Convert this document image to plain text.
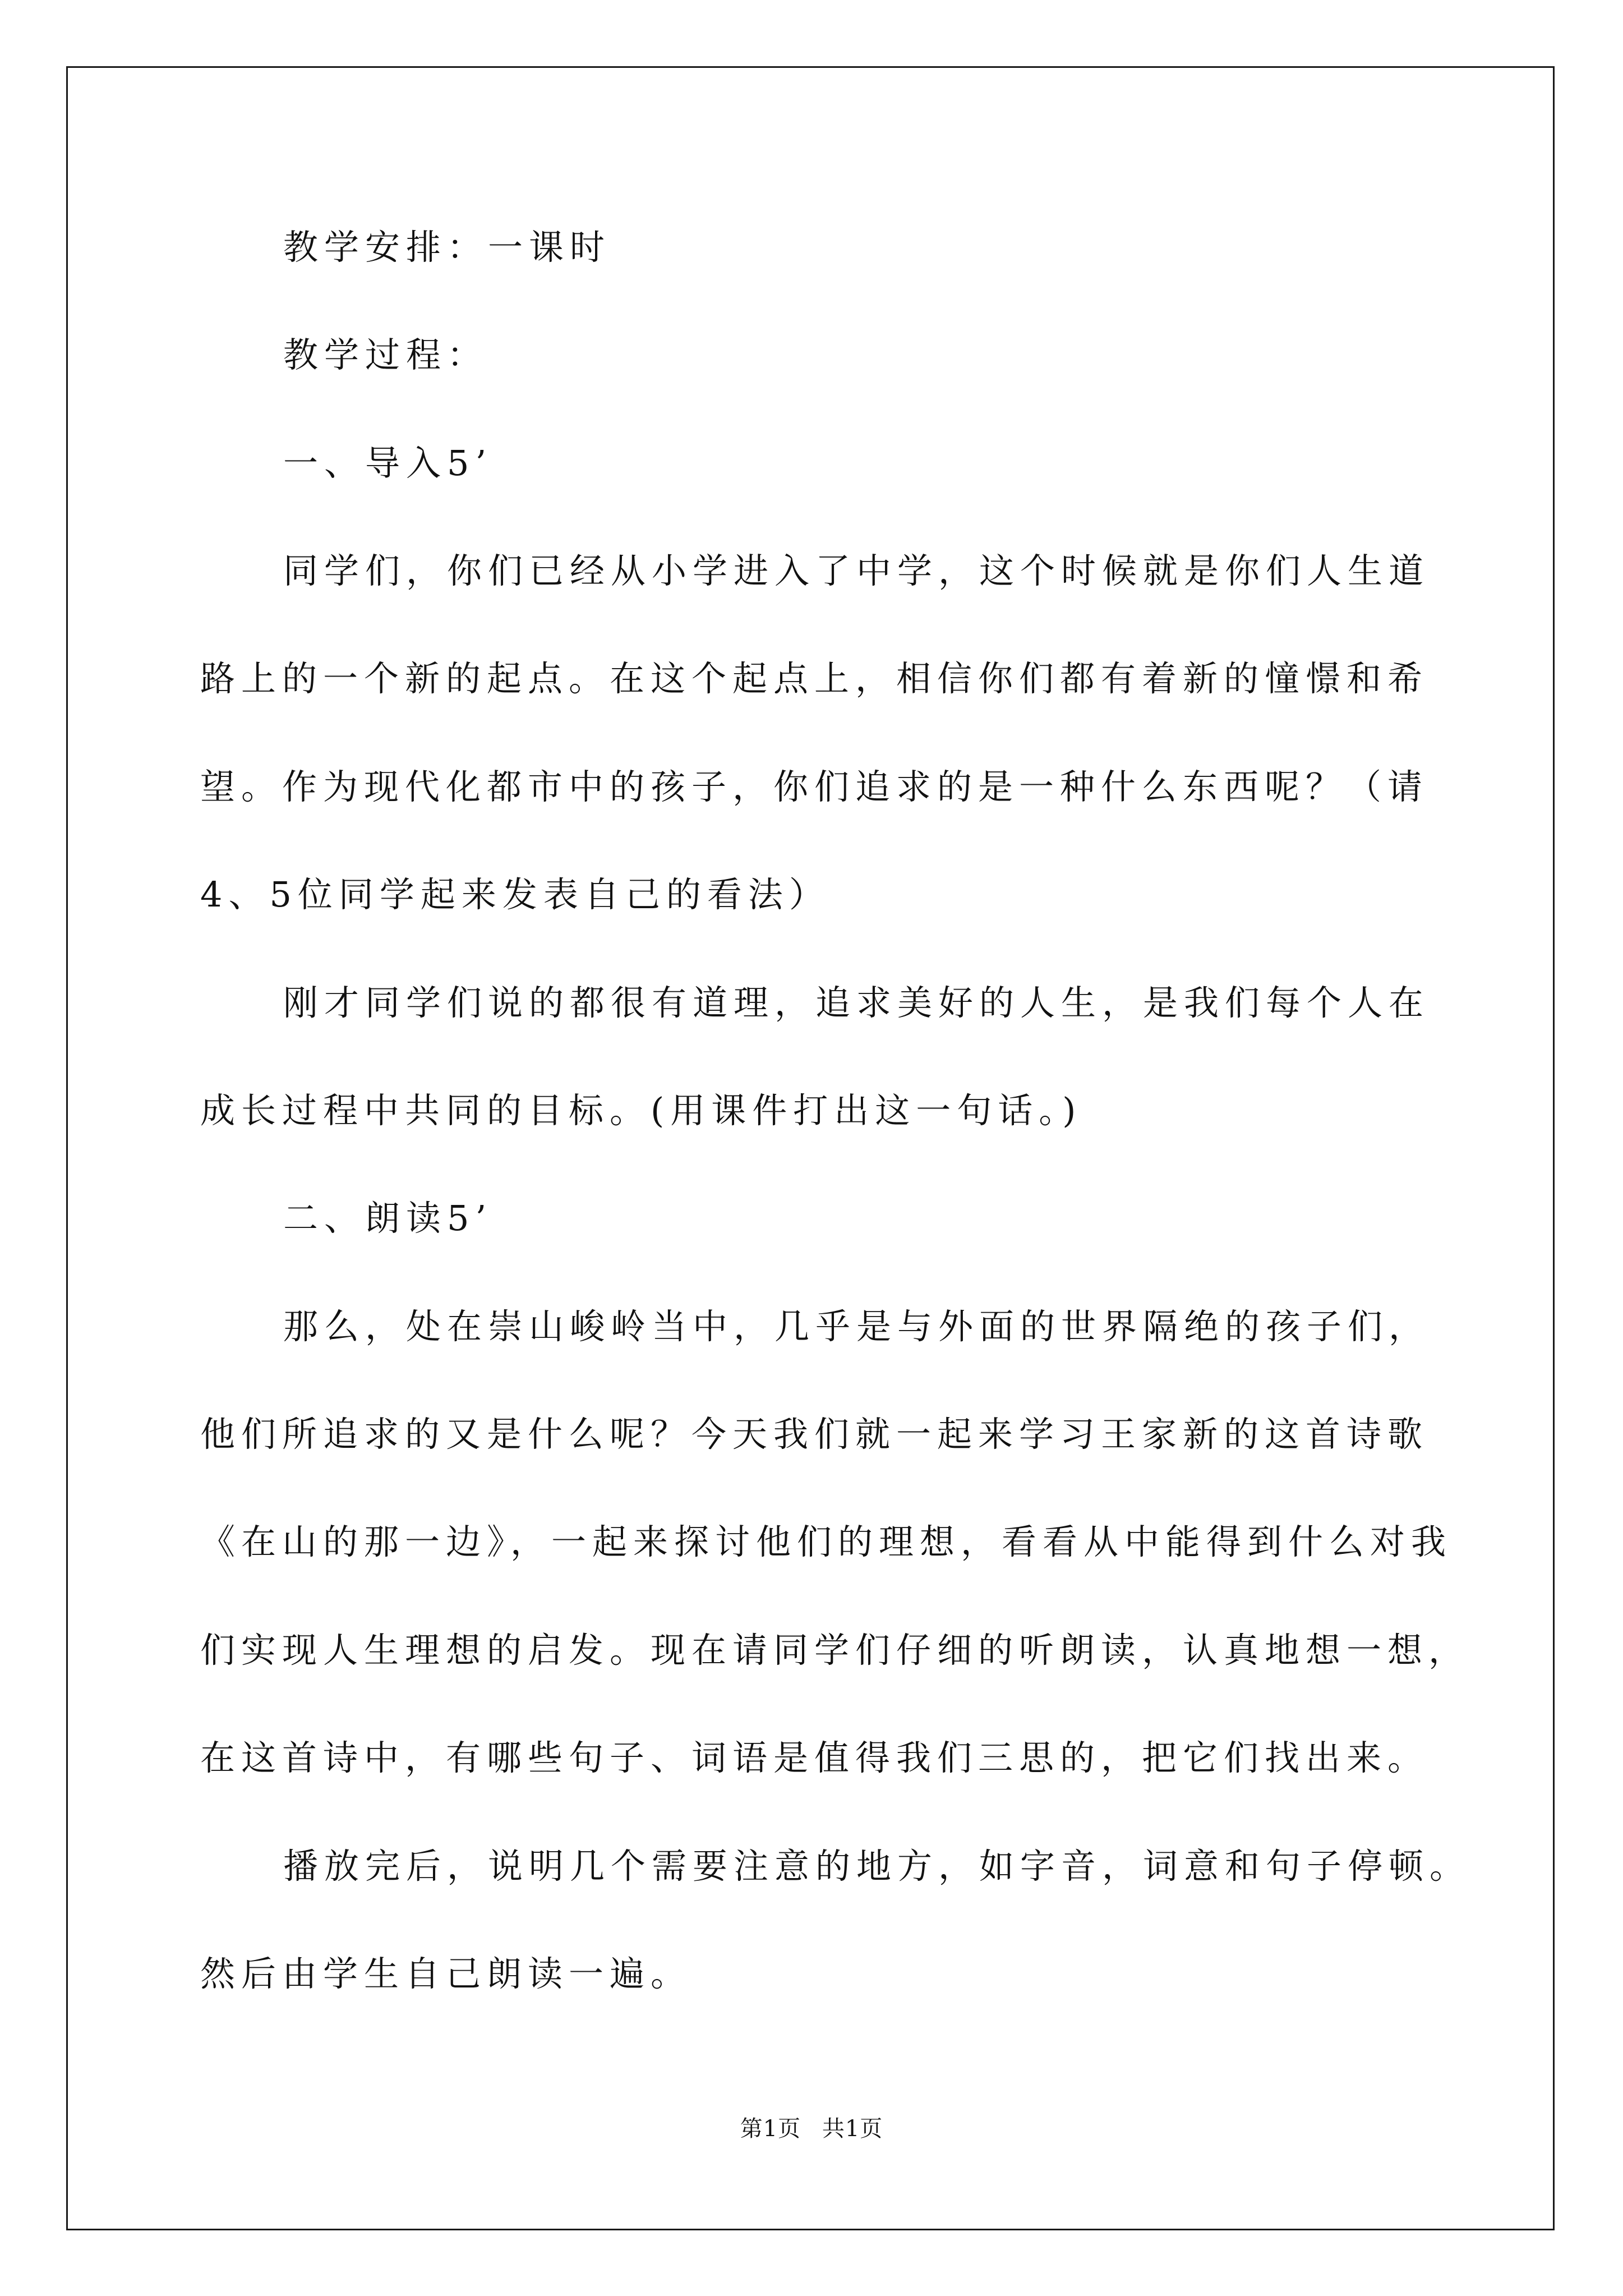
教学安排：一课时
教学过程：
一、导入5’
同学们，你们已经从小学进入了中学，这个时候就是你们人生道
路上的一个新的起点。在这个起点上，相信你们都有着新的憧憬和希
望。作为现代化都市中的孩子，你们追求的是一种什么东西呢？（请
4、5位同学起来发表自己的看法）
刚才同学们说的都很有道理，追求美好的人生，是我们每个人在
成长过程中共同的目标。(用课件打出这一句话。)
二、朗读5’
那么，处在崇山峻岭当中，几乎是与外面的世界隔绝的孩子们，
他们所追求的又是什么呢？今天我们就一起来学习王家新的这首诗歌
《在山的那一边》，一起来探讨他们的理想，看看从中能得到什么对我
们实现人生理想的启发。现在请同学们仔细的听朗读，认真地想一想，
在这首诗中，有哪些句子、词语是值得我们三思的，把它们找出来。
播放完后，说明几个需要注意的地方，如字音，词意和句子停顿。
然后由学生自己朗读一遍。
第1页 共1页
